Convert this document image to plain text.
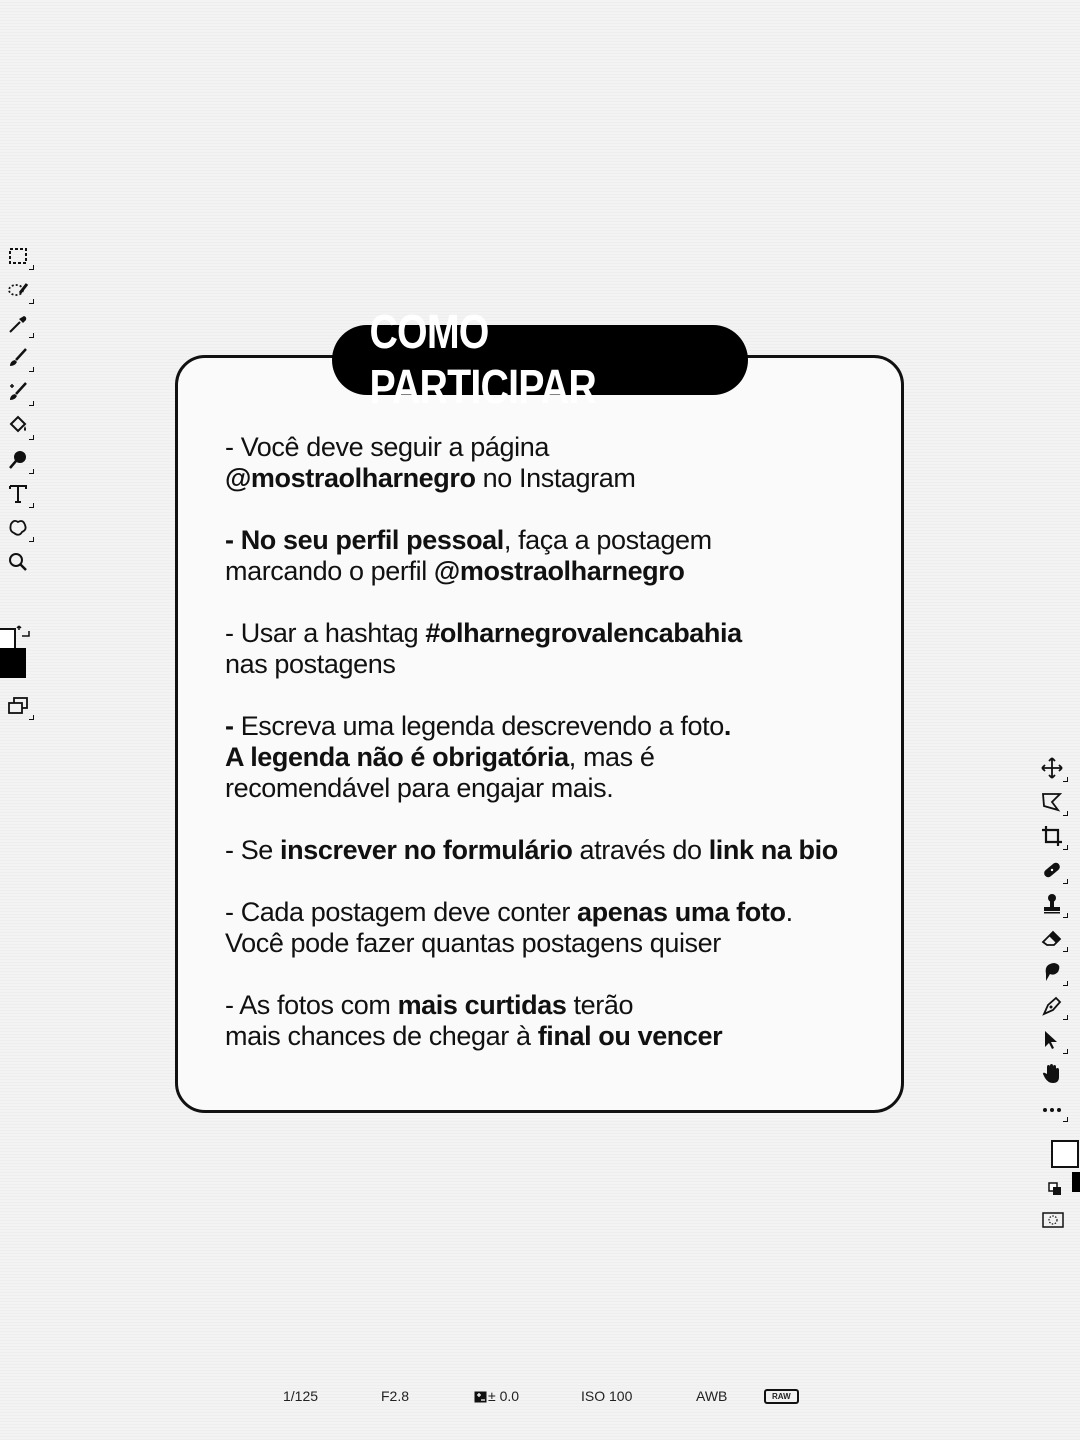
COMO PARTICIPAR
- Você deve seguir a página
@mostraolharnegro no Instagram
- No seu perfil pessoal, faça a postagem
marcando o perfil @mostraolharnegro
- Usar a hashtag #olharnegrovalencabahia
nas postagens
- Escreva uma legenda descrevendo a foto.
A legenda não é obrigatória, mas é
recomendável para engajar mais.
- Se inscrever no formulário através do link na bio
- Cada postagem deve conter apenas uma foto.
Você pode fazer quantas postagens quiser
- As fotos com mais curtidas terão
mais chances de chegar à final ou vencer
1/125	F2.8	± 0.0	ISO 100	AWB	RAW
